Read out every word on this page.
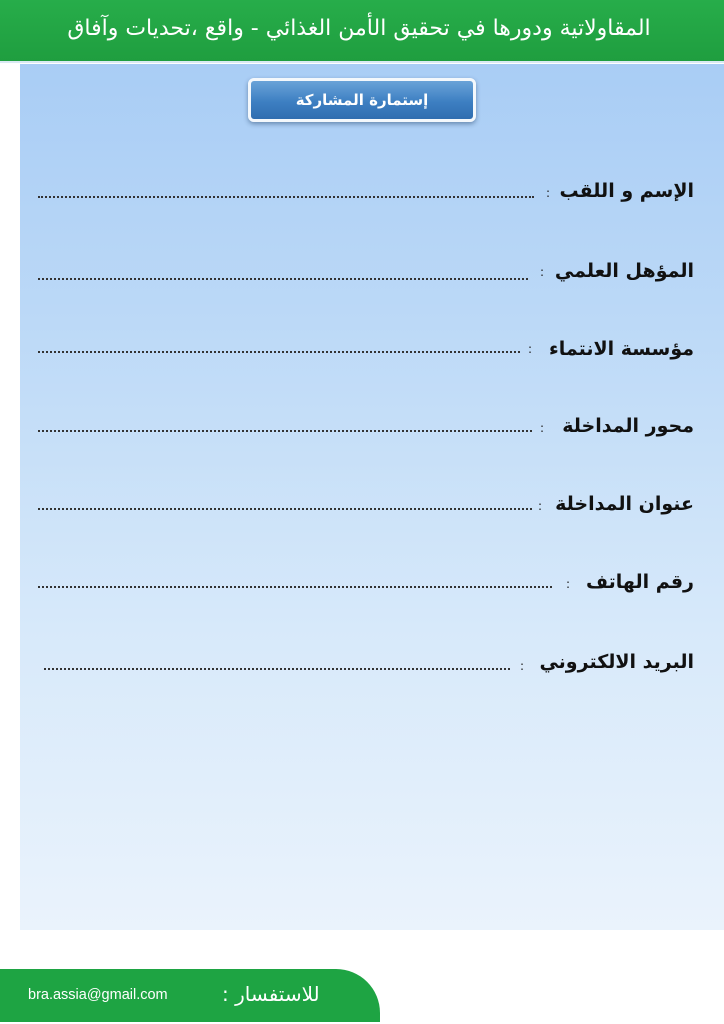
المقاولاتية ودورها في تحقيق الأمن الغذائي - واقع ،تحديات وآفاق
إستمارة المشاركة
الإسم و اللقب
:
المؤهل العلمي
:
مؤسسة الانتماء
:
محور المداخلة
:
عنوان المداخلة
:
رقم الهاتف
:
البريد الالكتروني
:
للاستفسار :
bra.assia@gmail.com
